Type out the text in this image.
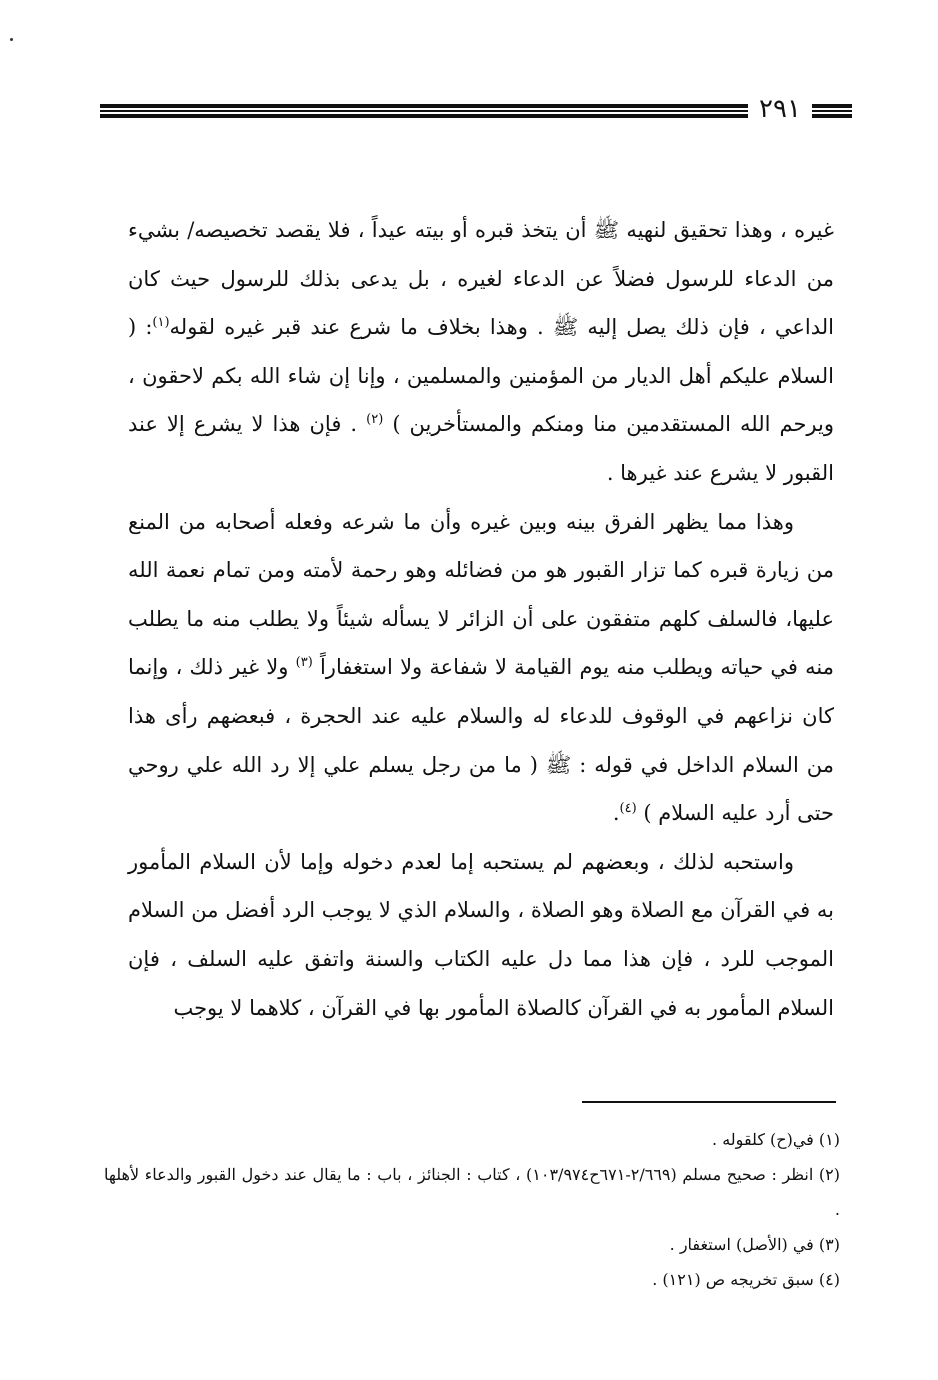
٢٩١

غيره ، وهذا تحقيق لنهيه ﷺ أن يتخذ قبره أو بيته عيداً ، فلا يقصد تخصيصه/ بشيء من الدعاء للرسول فضلاً عن الدعاء لغيره ، بل يدعى بذلك للرسول حيث كان الداعي ، فإن ذلك يصل إليه ﷺ . وهذا بخلاف ما شرع عند قبر غيره لقوله$^{(١)}$: ( السلام عليكم أهل الديار من المؤمنين والمسلمين ، وإنا إن شاء الله بكم لاحقون ، ويرحم الله المستقدمين منا ومنكم والمستأخرين ) $^{(٢)}$ . فإن هذا لا يشرع إلا عند القبور لا يشرع عند غيرها .

وهذا مما يظهر الفرق بينه وبين غيره وأن ما شرعه وفعله أصحابه من المنع من زيارة قبره كما تزار القبور هو من فضائله وهو رحمة لأمته ومن تمام نعمة الله عليها، فالسلف كلهم متفقون على أن الزائر لا يسأله شيئاً ولا يطلب منه ما يطلب منه في حياته ويطلب منه يوم القيامة لا شفاعة ولا استغفاراً $^{(٣)}$ ولا غير ذلك ، وإنما كان نزاعهم في الوقوف للدعاء له والسلام عليه عند الحجرة ، فبعضهم رأى هذا من السلام الداخل في قوله : ﷺ ( ما من رجل يسلم علي إلا رد الله علي روحي حتى أرد عليه السلام ) $^{(٤)}$.

واستحبه لذلك ، وبعضهم لم يستحبه إما لعدم دخوله وإما لأن السلام المأمور به في القرآن مع الصلاة وهو الصلاة ، والسلام الذي لا يوجب الرد أفضل من السلام الموجب للرد ، فإن هذا مما دل عليه الكتاب والسنة واتفق عليه السلف ، فإن السلام المأمور به في القرآن كالصلاة المأمور بها في القرآن ، كلاهما لا يوجب

(١) في(ح) كلقوله .

(٢) انظر : صحيح مسلم (٢/٦٦٩-٦٧١ح١٠٣/٩٧٤) ، كتاب : الجنائز ، باب : ما يقال عند دخول القبور والدعاء لأهلها .

(٣) في (الأصل) استغفار .

(٤) سبق تخريجه ص (١٢١) .
